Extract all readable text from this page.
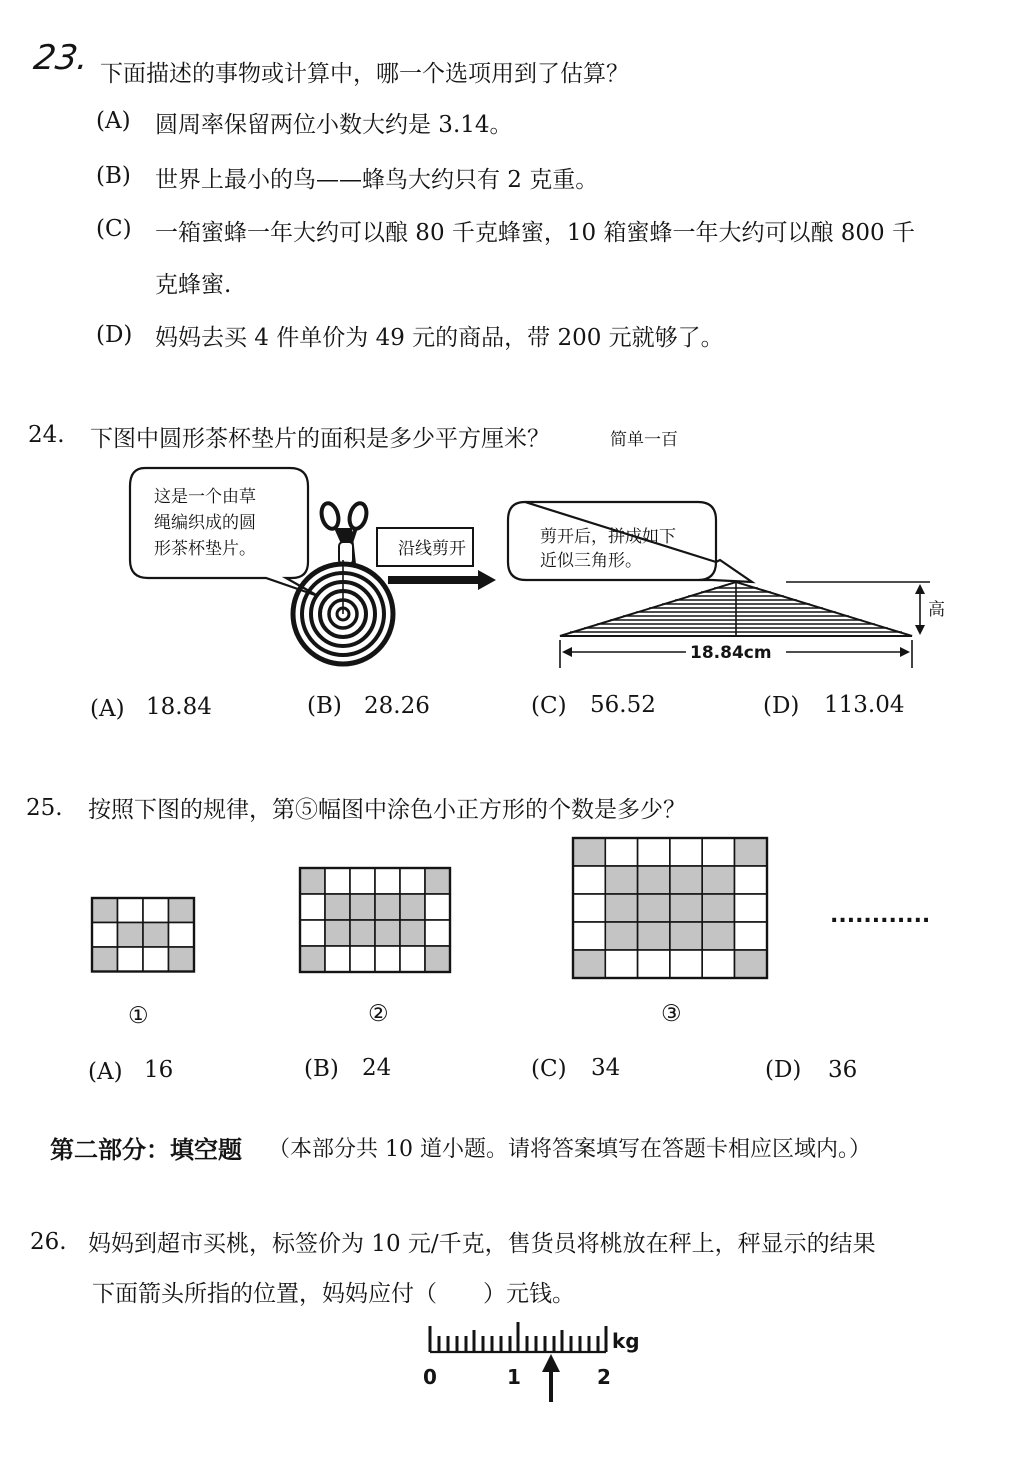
23. 下面描述的事物或计算中，哪一个选项用到了估算？
(A) 圆周率保留两位小数大约是 3.14。
(B) 世界上最小的鸟——蜂鸟大约只有 2 克重。
(C) 一箱蜜蜂一年大约可以酿 80 千克蜂蜜，10 箱蜜蜂一年大约可以酿 800 千
克蜂蜜.
(D) 妈妈去买 4 件单价为 49 元的商品，带 200 元就够了。
24. 下图中圆形茶杯垫片的面积是多少平方厘米？	简单一百
这是一个由草
绳编织成的圆
形茶杯垫片。	沿线剪开
剪开后，拼成如下
近似三角形。
高
18.84cm
(A) 18.84	(B) 28.26	(C) 56.52	(D) 113.04
25. 按照下图的规律，第⑤幅图中涂色小正方形的个数是多少？
............
①	②	③
(A) 16	(B) 24	(C) 34	(D) 36
第二部分：填空题 （本部分共 10 道小题。请将答案填写在答题卡相应区域内。）
26. 妈妈到超市买桃，标签价为 10 元/千克，售货员将桃放在秤上，秤显示的结果
下面箭头所指的位置，妈妈应付（　　）元钱。
kg
0	1	2
